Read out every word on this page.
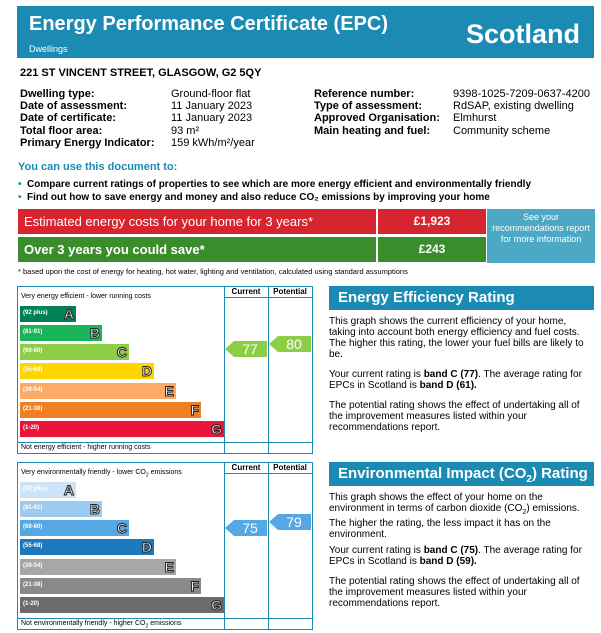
Energy Performance Certificate (EPC)
Dwellings	Scotland
221 ST VINCENT STREET, GLASGOW, G2 5QY
Dwelling type:	Ground-floor flat
Date of assessment:	11 January 2023
Date of certificate:	11 January 2023
Total floor area:	93 m²
Primary Energy Indicator: 159 kWh/m²/year
Reference number:	9398-1025-7209-0637-4200
Type of assessment:	RdSAP, existing dwelling
Approved Organisation: Elmhurst
Main heating and fuel: Community scheme
You can use this document to:
• Compare current ratings of properties to see which are more energy efficient and environmentally friendly
• Find out how to save energy and money and also reduce CO₂ emissions by improving your home
Estimated energy costs for your home for 3 years*	£1,923
Over 3 years you could save*	£243
See your recommendations report for more information
* based upon the cost of energy for heating, hot water, lighting and ventilation, calculated using standard assumptions
Current	Potential
Very energy efficient - lower running costs
Not energy efficient - higher running costs
(92 plus) A
(81-91)	B
(69-80)	C
(55-68)	D
(39-54)	E
(21-38)	F
(1-20)	G
77	80
Current	Potential
Very environmentally friendly - lower $CO_2$ emissions
Not environmentally friendly - higher $CO_2$ emissions
(92 plus) A
(81-91)	B
(69-80)	C
(55-68)	D
(39-54)	E
(21-38)	F
(1-20)	G
75	79
Energy Efficiency Rating
This graph shows the current efficiency of your home, taking into account both energy efficiency and fuel costs. The higher this rating, the lower your fuel bills are likely to be.
Your current rating is band C (77). The average rating for EPCs in Scotland is band D (61).
The potential rating shows the effect of undertaking all of the improvement measures listed within your recommendations report.
Environmental Impact $(CO_2)$ Rating
This graph shows the effect of your home on the environment in terms of carbon dioxide $(CO_2)$ emissions. The higher the rating, the less impact it has on the environment.
Your current rating is band C (75). The average rating for EPCs in Scotland is band D (59).
The potential rating shows the effect of undertaking all of the improvement measures listed within your recommendations report.
